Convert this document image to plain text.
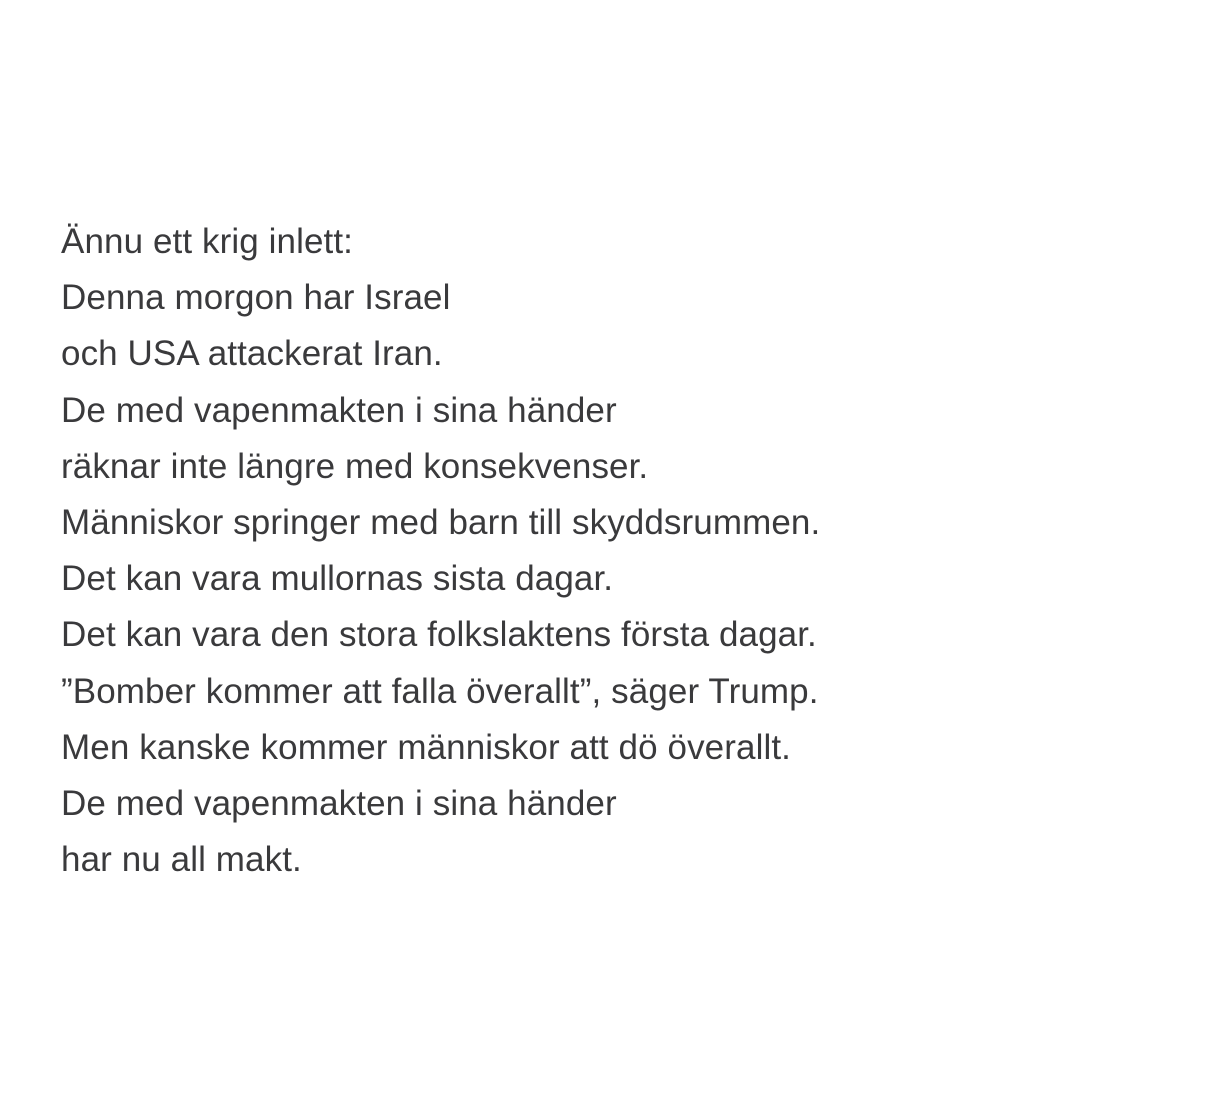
Ännu ett krig inlett:
Denna morgon har Israel
och USA attackerat Iran.
De med vapenmakten i sina händer
räknar inte längre med konsekvenser.
Människor springer med barn till skyddsrummen.
Det kan vara mullornas sista dagar.
Det kan vara den stora folkslaktens första dagar.
”Bomber kommer att falla överallt”, säger Trump.
Men kanske kommer människor att dö överallt.
De med vapenmakten i sina händer
har nu all makt.
